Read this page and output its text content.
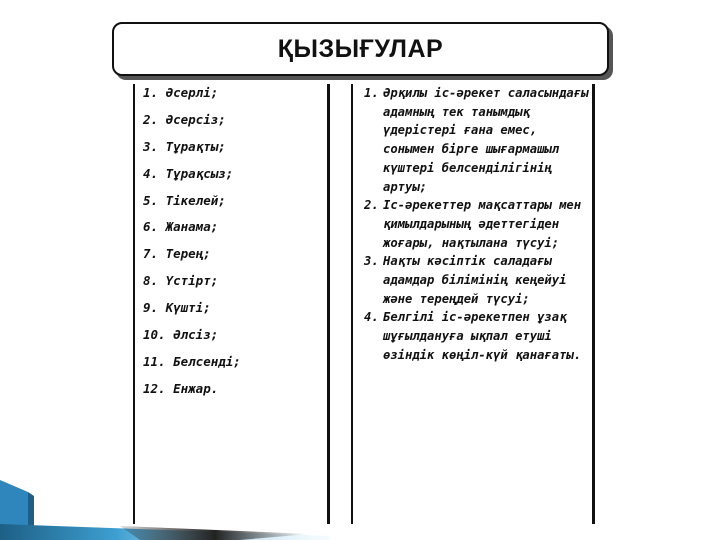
ҚЫЗЫҒУЛАР
1. Әсерлі;
2. Әсерсіз;
3. Тұрақты;
4. Тұрақсыз;
5. Тікелей;
6. Жанама;
7. Терең;
8. Үстірт;
9. Күшті;
10. Әлсіз;
11. Белсенді;
12. Енжар.
1. Әрқилы іс-әрекет саласындағы адамның тек танымдық үдерістері ғана емес, сонымен бірге шығармашыл күштері белсенділігінің артуы;
2. Іс-әрекеттер мақсаттары мен қимылдарының әдеттегіден жоғары, нақтылана түсуі;
3. Нақты кәсіптік саладағы адамдар білімінің кеңейуі және тереңдей түсуі;
4. Белгілі іс-әрекетпен ұзақ шұғылдануға ықпал етуші өзіндік көңіл-күй қанағаты.
